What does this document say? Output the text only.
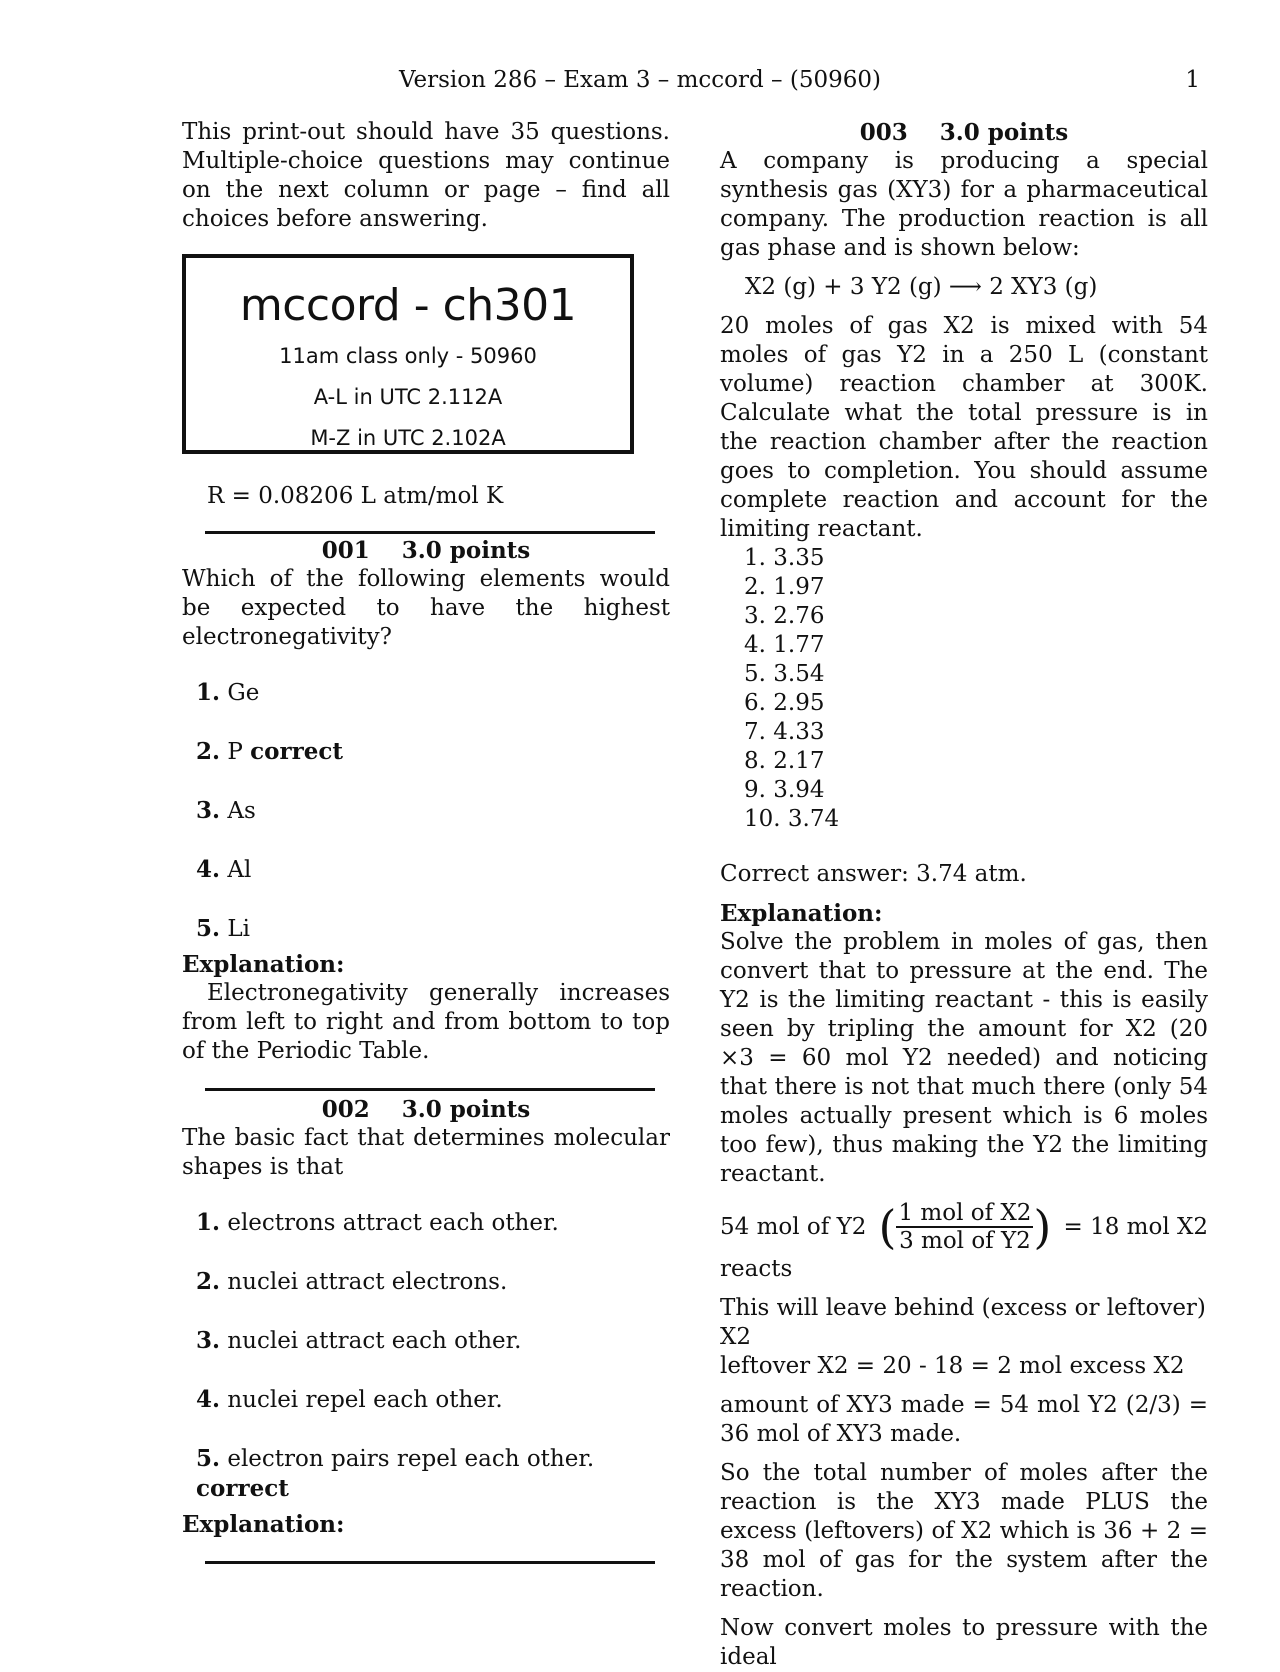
Version 286 – Exam 3 – mccord – (50960)	1

This print-out should have 35 questions. Multiple-choice questions may continue on the next column or page – find all choices before answering.

mccord - ch301
11am class only - 50960
A-L in UTC 2.112A
M-Z in UTC 2.102A

R = 0.08206 L atm/mol K

001 3.0 points

Which of the following elements would be expected to have the highest electronegativity?

1. Ge
2. P correct
3. As
4. Al
5. Li
Explanation:

Electronegativity generally increases from left to right and from bottom to top of the Periodic Table.

002 3.0 points

The basic fact that determines molecular shapes is that

1. electrons attract each other.
2. nuclei attract electrons.
3. nuclei attract each other.
4. nuclei repel each other.
5. electron pairs repel each other. correct
Explanation:
003 3.0 points

A company is producing a special synthesis gas (XY3) for a pharmaceutical company. The production reaction is all gas phase and is shown below:

X2 (g) + 3 Y2 (g) ⟶ 2 XY3 (g)

20 moles of gas X2 is mixed with 54 moles of gas Y2 in a 250 L (constant volume) reaction chamber at 300K. Calculate what the total pressure is in the reaction chamber after the reaction goes to completion. You should assume complete reaction and account for the limiting reactant.

1. 3.35
2. 1.97
3. 2.76
4. 1.77
5. 3.54
6. 2.95
7. 4.33
8. 2.17
9. 3.94
10. 3.74

Correct answer: 3.74 atm.

Explanation:

Solve the problem in moles of gas, then convert that to pressure at the end. The Y2 is the limiting reactant - this is easily seen by tripling the amount for X2 (20 ×3 = 60 mol Y2 needed) and noticing that there is not that much there (only 54 moles actually present which is 6 moles too few), thus making the Y2 the limiting reactant.

54 mol of Y2 ( $\frac{\text{1 mol of X2}}{\text{3 mol of Y2}}$ ) = 18 mol X2

reacts

This will leave behind (excess or leftover) X2

leftover X2 = 20 - 18 = 2 mol excess X2

amount of XY3 made = 54 mol Y2 (2/3) = 36 mol of XY3 made.

So the total number of moles after the reaction is the XY3 made PLUS the excess (leftovers) of X2 which is 36 + 2 = 38 mol of gas for the system after the reaction.

Now convert moles to pressure with the ideal
